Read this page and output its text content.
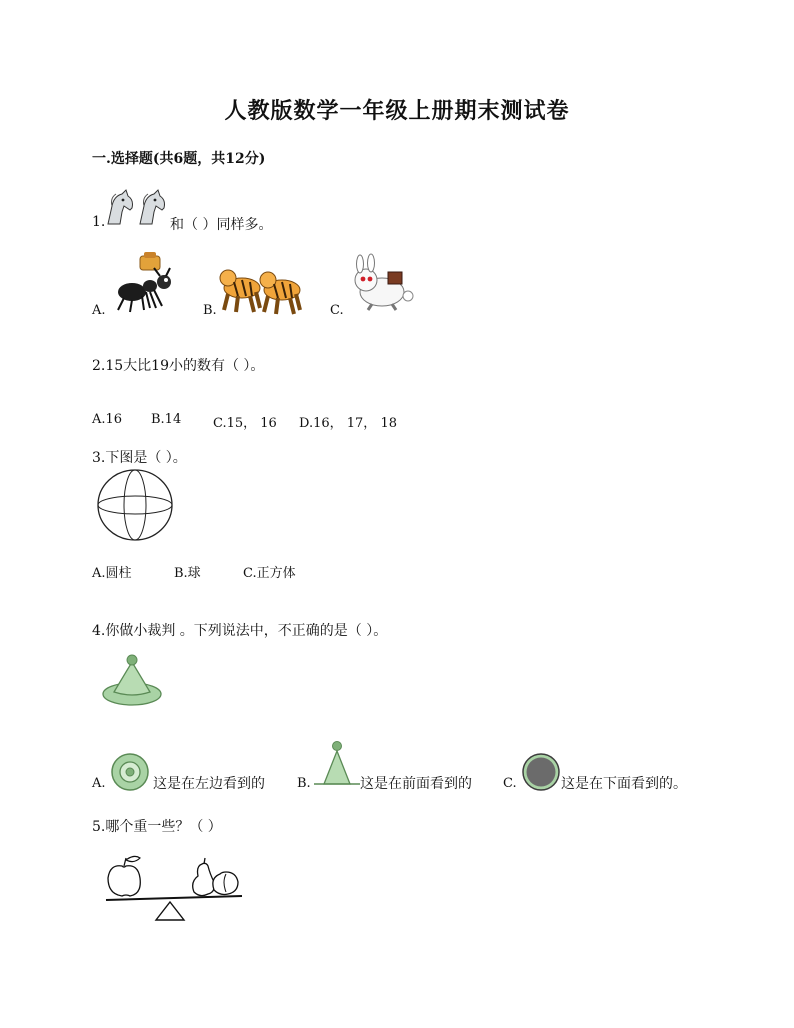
人教版数学一年级上册期末测试卷
一.选择题(共6题，共12分)
1.	和（ ）同样多。
A.	B.	C.
2.15大比19小的数有（ ）。
A.16 B.14 C.15， 16 D.16， 17， 18
3.下图是（ ）。
A.圆柱	B.球	C.正方体
4.你做小裁判 。下列说法中，不正确的是（ ）。
A.	这是在左边看到的 B.	这是在前面看到的 C.	这是在下面看到的。
5.哪个重一些？（ ）
